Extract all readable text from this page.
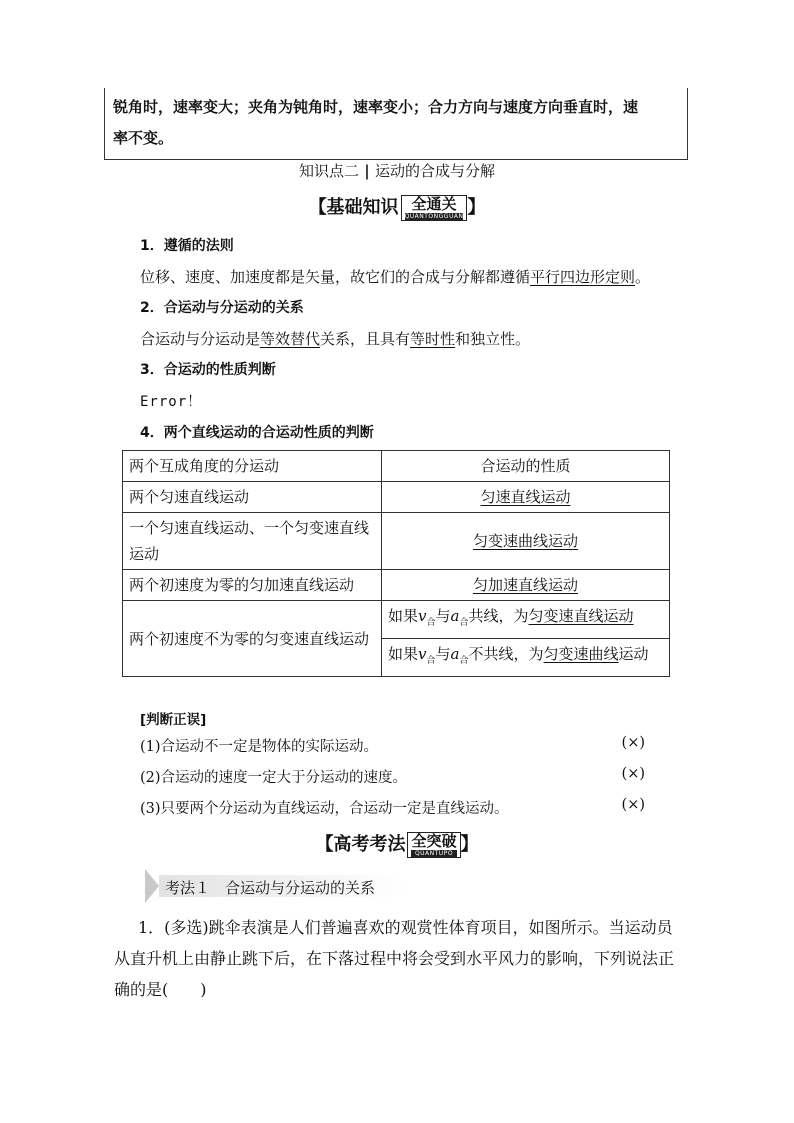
锐角时，速率变大；夹角为钝角时，速率变小；合力方向与速度方向垂直时，速
率不变。
知识点二 | 运动的合成与分解
【基础知识 全通关
QUANTONGGUAN 】
1．遵循的法则
位移、速度、加速度都是矢量，故它们的合成与分解都遵循平行四边形定则。
2．合运动与分运动的关系
合运动与分运动是等效替代关系，且具有等时性和独立性。
3．合运动的性质判断
Error！
4．两个直线运动的合运动性质的判断
两个互成角度的分运动	合运动的性质
两个匀速直线运动	匀速直线运动
一个匀速直线运动、一个匀变速直线运动	匀变速曲线运动
两个初速度为零的匀加速直线运动	匀加速直线运动
两个初速度不为零的匀变速直线运动	如果$v_合$与$a_合$共线，为匀变速直线运动
	如果$v_合$与$a_合$不共线，为匀变速曲线运动
[判断正误]
(1)合运动不一定是物体的实际运动。	(×)
(2)合运动的速度一定大于分运动的速度。	(×)
(3)只要两个分运动为直线运动，合运动一定是直线运动。	(×)
【高考考法 全突破
QUANTUPO 】
考法１　 合运动与分运动的关系
1．(多选)跳伞表演是人们普遍喜欢的观赏性体育项目，如图所示。当运动员从直升机上由静止跳下后，在下落过程中将会受到水平风力的影响，下列说法正确的是(　　)
